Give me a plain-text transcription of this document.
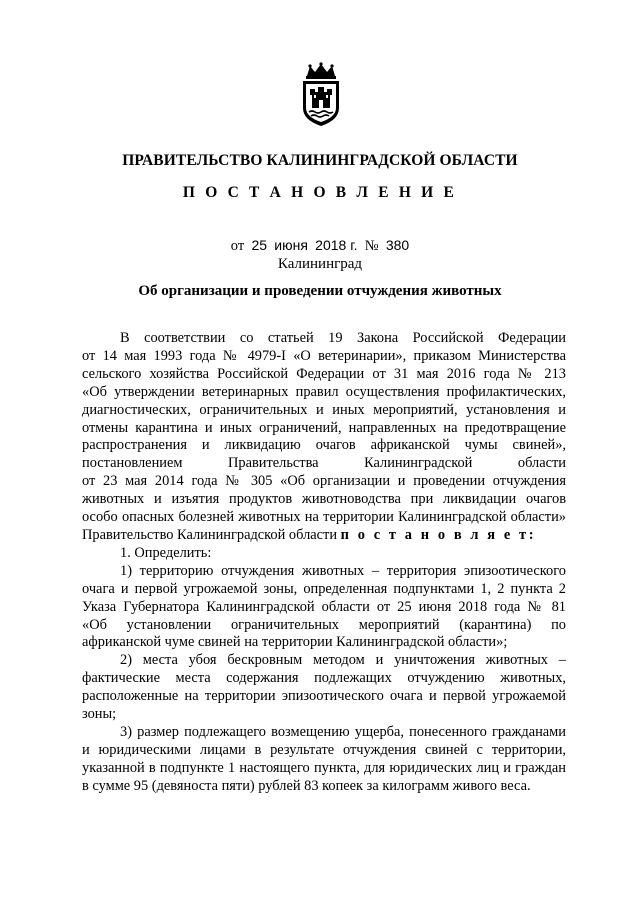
ПРАВИТЕЛЬСТВО КАЛИНИНГРАДСКОЙ ОБЛАСТИ
П О С Т А Н О В Л Е Н И Е
от 25 июня 2018 г. № 380
Калининград
Об организации и проведении отчуждения животных
В соответствии со статьей 19 Закона Российской Федерации
от 14 мая 1993 года № 4979-I «О ветеринарии», приказом Министерства
сельского хозяйства Российской Федерации от 31 мая 2016 года № 213
«Об утверждении ветеринарных правил осуществления профилактических,
диагностических, ограничительных и иных мероприятий, установления и
отмены карантина и иных ограничений, направленных на предотвращение
распространения и ликвидацию очагов африканской чумы свиней»,
постановлением Правительства Калининградской области
от 23 мая 2014 года № 305 «Об организации и проведении отчуждения
животных и изъятия продуктов животноводства при ликвидации очагов
особо опасных болезней животных на территории Калининградской области»
Правительство Калининградской области п о с т а н о в л я е т:
1. Определить:
1) территорию отчуждения животных – территория эпизоотического
очага и первой угрожаемой зоны, определенная подпунктами 1, 2 пункта 2
Указа Губернатора Калининградской области от 25 июня 2018 года № 81
«Об установлении ограничительных мероприятий (карантина) по
африканской чуме свиней на территории Калининградской области»;
2) места убоя бескровным методом и уничтожения животных –
фактические места содержания подлежащих отчуждению животных,
расположенные на территории эпизоотического очага и первой угрожаемой
зоны;
3) размер подлежащего возмещению ущерба, понесенного гражданами
и юридическими лицами в результате отчуждения свиней с территории,
указанной в подпункте 1 настоящего пункта, для юридических лиц и граждан
в сумме 95 (девяноста пяти) рублей 83 копеек за килограмм живого веса.
